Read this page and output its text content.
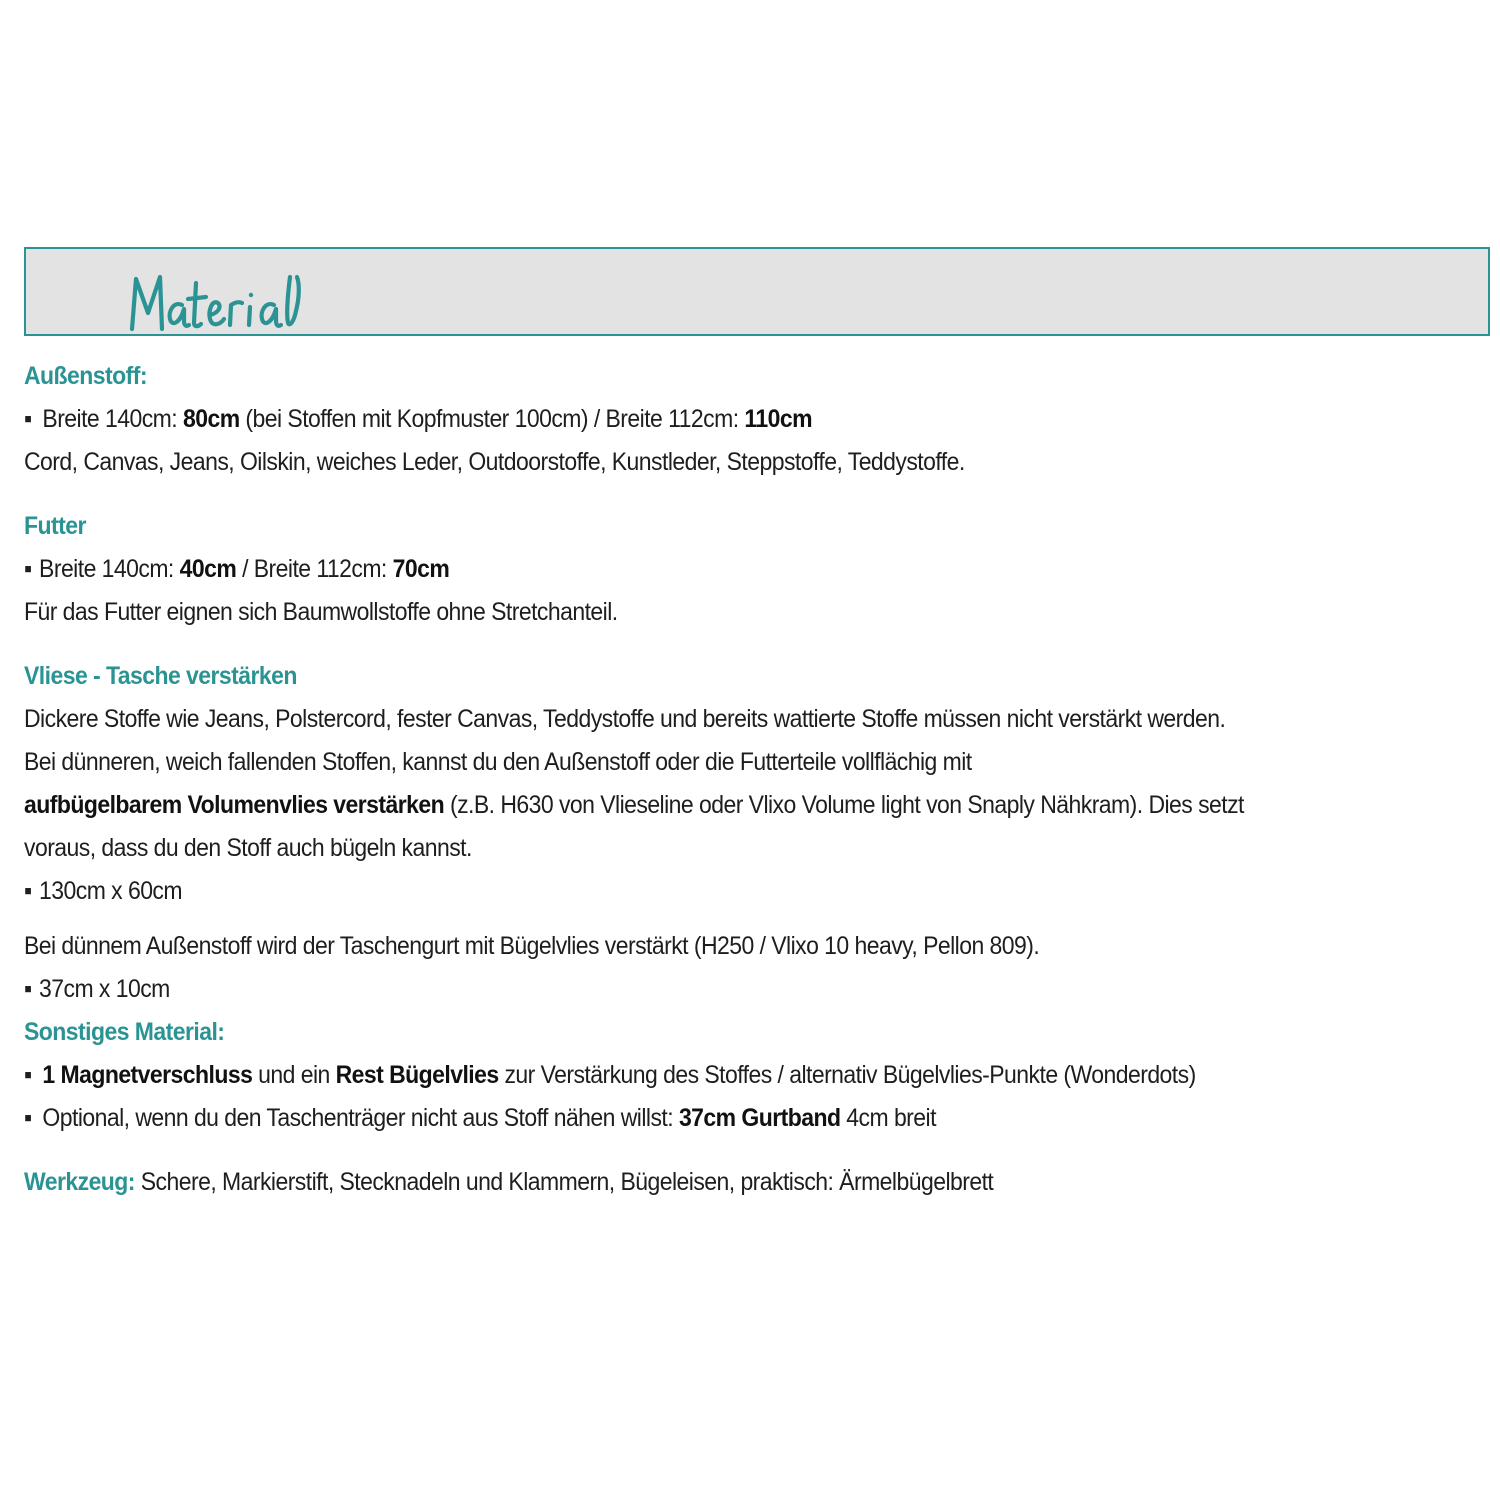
Außenstoff:

▪ Breite 140cm: 80cm (bei Stoffen mit Kopfmuster 100cm) / Breite 112cm: 110cm

Cord, Canvas, Jeans, Oilskin, weiches Leder, Outdoorstoffe, Kunstleder, Steppstoffe, Teddystoffe.

Futter

▪ Breite 140cm: 40cm / Breite 112cm: 70cm

Für das Futter eignen sich Baumwollstoffe ohne Stretchanteil.

Vliese - Tasche verstärken

Dickere Stoffe wie Jeans, Polstercord, fester Canvas, Teddystoffe und bereits wattierte Stoffe müssen nicht verstärkt werden.

Bei dünneren, weich fallenden Stoffen, kannst du den Außenstoff oder die Futterteile vollflächig mit

aufbügelbarem Volumenvlies verstärken (z.B. H630 von Vlieseline oder Vlixo Volume light von Snaply Nähkram). Dies setzt

voraus, dass du den Stoff auch bügeln kannst.

▪ 130cm x 60cm

Bei dünnem Außenstoff wird der Taschengurt mit Bügelvlies verstärkt (H250 / Vlixo 10 heavy, Pellon 809).

▪ 37cm x 10cm

Sonstiges Material:

▪ 1 Magnetverschluss und ein Rest Bügelvlies zur Verstärkung des Stoffes / alternativ Bügelvlies-Punkte (Wonderdots)

▪ Optional, wenn du den Taschenträger nicht aus Stoff nähen willst: 37cm Gurtband 4cm breit

Werkzeug: Schere, Markierstift, Stecknadeln und Klammern, Bügeleisen, praktisch: Ärmelbügelbrett
